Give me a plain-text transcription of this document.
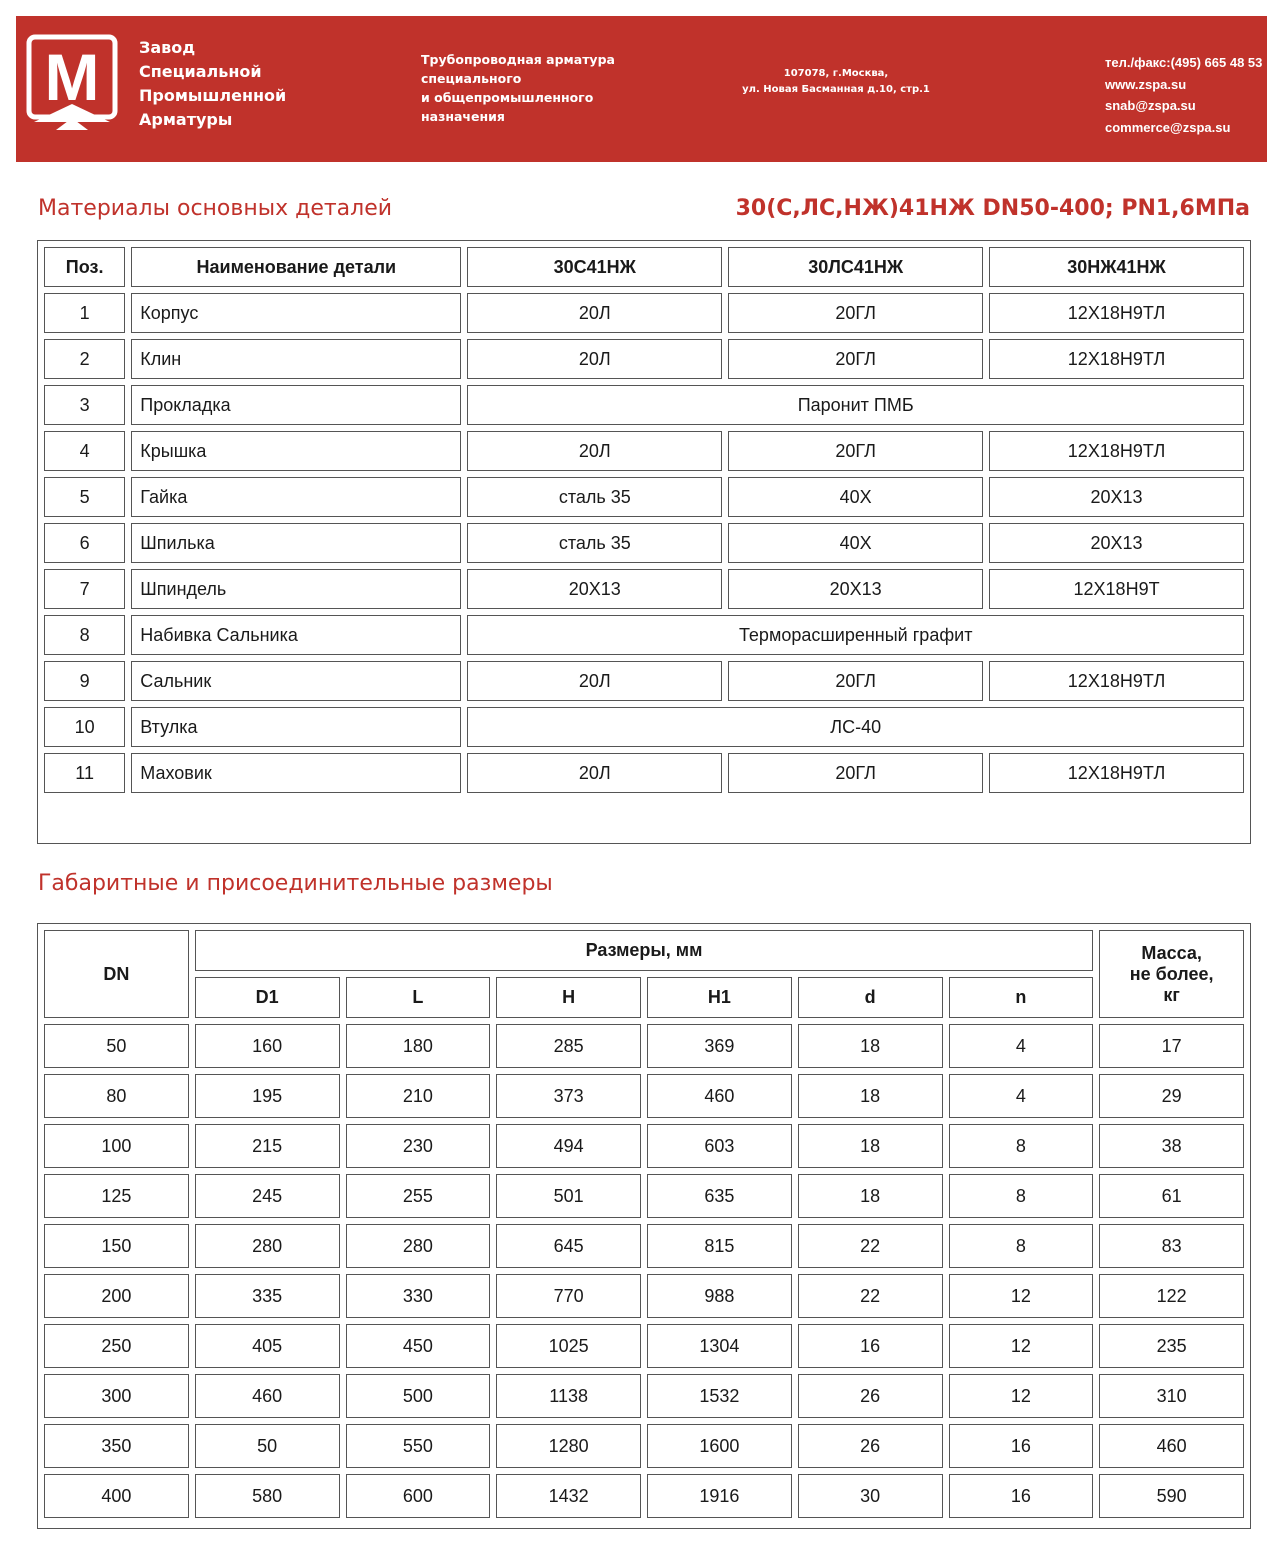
M Завод
Специальной
Промышленной
Арматуры
Трубопроводная арматура
специального
и общепромышленного
назначения
107078, г.Москва,
ул. Новая Басманная д.10, стр.1
тел./факс:(495) 665 48 53
www.zspa.su
snab@zspa.su
commerce@zspa.su
Материалы основных деталей	30(С,ЛС,НЖ)41НЖ DN50-400; PN1,6МПа
Поз.	Наименование детали	30С41НЖ	30ЛС41НЖ	30НЖ41НЖ
1	Корпус	20Л	20ГЛ	12Х18Н9ТЛ
2	Клин	20Л	20ГЛ	12Х18Н9ТЛ
3	Прокладка	Паронит ПМБ		
4	Крышка	20Л	20ГЛ	12Х18Н9ТЛ
5	Гайка	сталь 35	40Х	20Х13
6	Шпилька	сталь 35	40Х	20Х13
7	Шпиндель	20Х13	20Х13	12Х18Н9Т
8	Набивка Сальника	Терморасширенный графит		
9	Сальник	20Л	20ГЛ	12Х18Н9ТЛ
10	Втулка	ЛС-40		
11	Маховик	20Л	20ГЛ	12Х18Н9ТЛ
Габаритные и присоединительные размеры
DN	Размеры, мм						Масса,
не более,
кг

	D1	L	H	H1	d	n	
50	160	180	285	369	18	4	17
80	195	210	373	460	18	4	29
100	215	230	494	603	18	8	38
125	245	255	501	635	18	8	61
150	280	280	645	815	22	8	83
200	335	330	770	988	22	12	122
250	405	450	1025	1304	16	12	235
300	460	500	1138	1532	26	12	310
350	50	550	1280	1600	26	16	460
400	580	600	1432	1916	30	16	590
